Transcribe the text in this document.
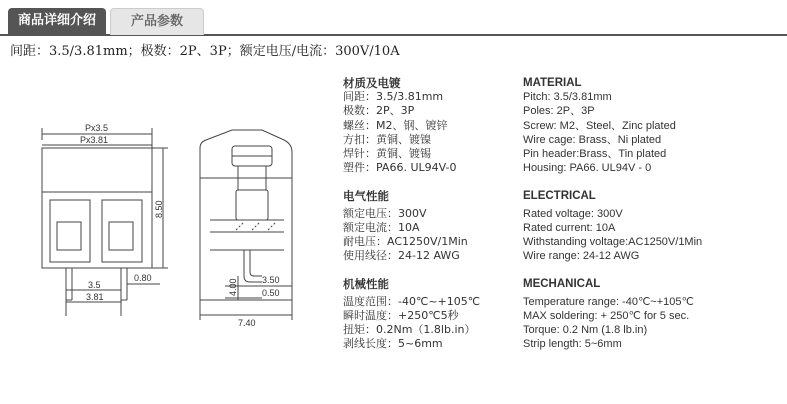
商品详细介绍	产品参数
间距：3.5/3.81mm；极数：2P、3P；额定电压/电流：300V/10A
Px3.5
Px3.81
8.50
0.80
3.5
3.81
3.50
4.00	0.50
7.40
材质及电镀
间距：3.5/3.81mm
极数：2P、3P
螺丝：M2、钢、镀锌
方扣：黄铜、镀镍
焊针：黄铜、镀锡
塑件：PA66. UL94V-0
电气性能
额定电压：300V
额定电流：10A
耐电压：AC1250V/1Min
使用线径：24-12 AWG
机械性能
温度范围：-40℃~+105℃
瞬时温度：+250℃5秒
扭矩：0.2Nm（1.8lb.in）
剥线长度：5~6mm
MATERIAL
Pitch: 3.5/3.81mm
Poles: 2P、3P
Screw: M2、Steel、Zinc plated
Wire cage: Brass、Ni plated
Pin header:Brass、Tin plated
Housing: PA66. UL94V - 0
ELECTRICAL
Rated voltage: 300V
Rated current: 10A
Withstanding voltage:AC1250V/1Min
Wire range: 24-12 AWG
MECHANICAL
Temperature range: -40℃~+105℃
MAX soldering: + 250℃ for 5 sec.
Torque: 0.2 Nm (1.8 lb.in)
Strip length: 5~6mm
